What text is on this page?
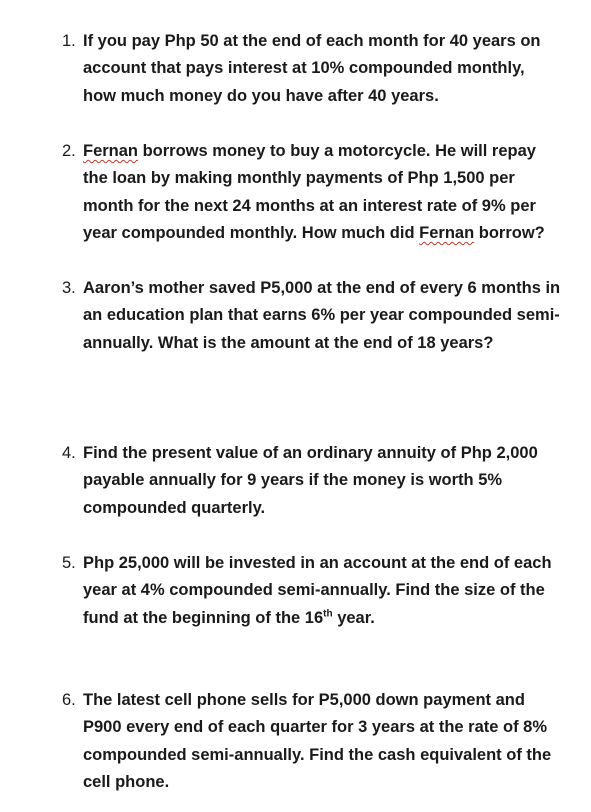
1. If you pay Php 50 at the end of each month for 40 years on account that pays interest at 10% compounded monthly, how much money do you have after 40 years.
2. Fernan borrows money to buy a motorcycle. He will repay the loan by making monthly payments of Php 1,500 per month for the next 24 months at an interest rate of 9% per year compounded monthly. How much did Fernan borrow?
3. Aaron’s mother saved P5,000 at the end of every 6 months in an education plan that earns 6% per year compounded semi-annually. What is the amount at the end of 18 years?
4. Find the present value of an ordinary annuity of Php 2,000 payable annually for 9 years if the money is worth 5% compounded quarterly.
5. Php 25,000 will be invested in an account at the end of each year at 4% compounded semi-annually. Find the size of the fund at the beginning of the 16th year.
6. The latest cell phone sells for P5,000 down payment and P900 every end of each quarter for 3 years at the rate of 8% compounded semi-annually. Find the cash equivalent of the cell phone.
